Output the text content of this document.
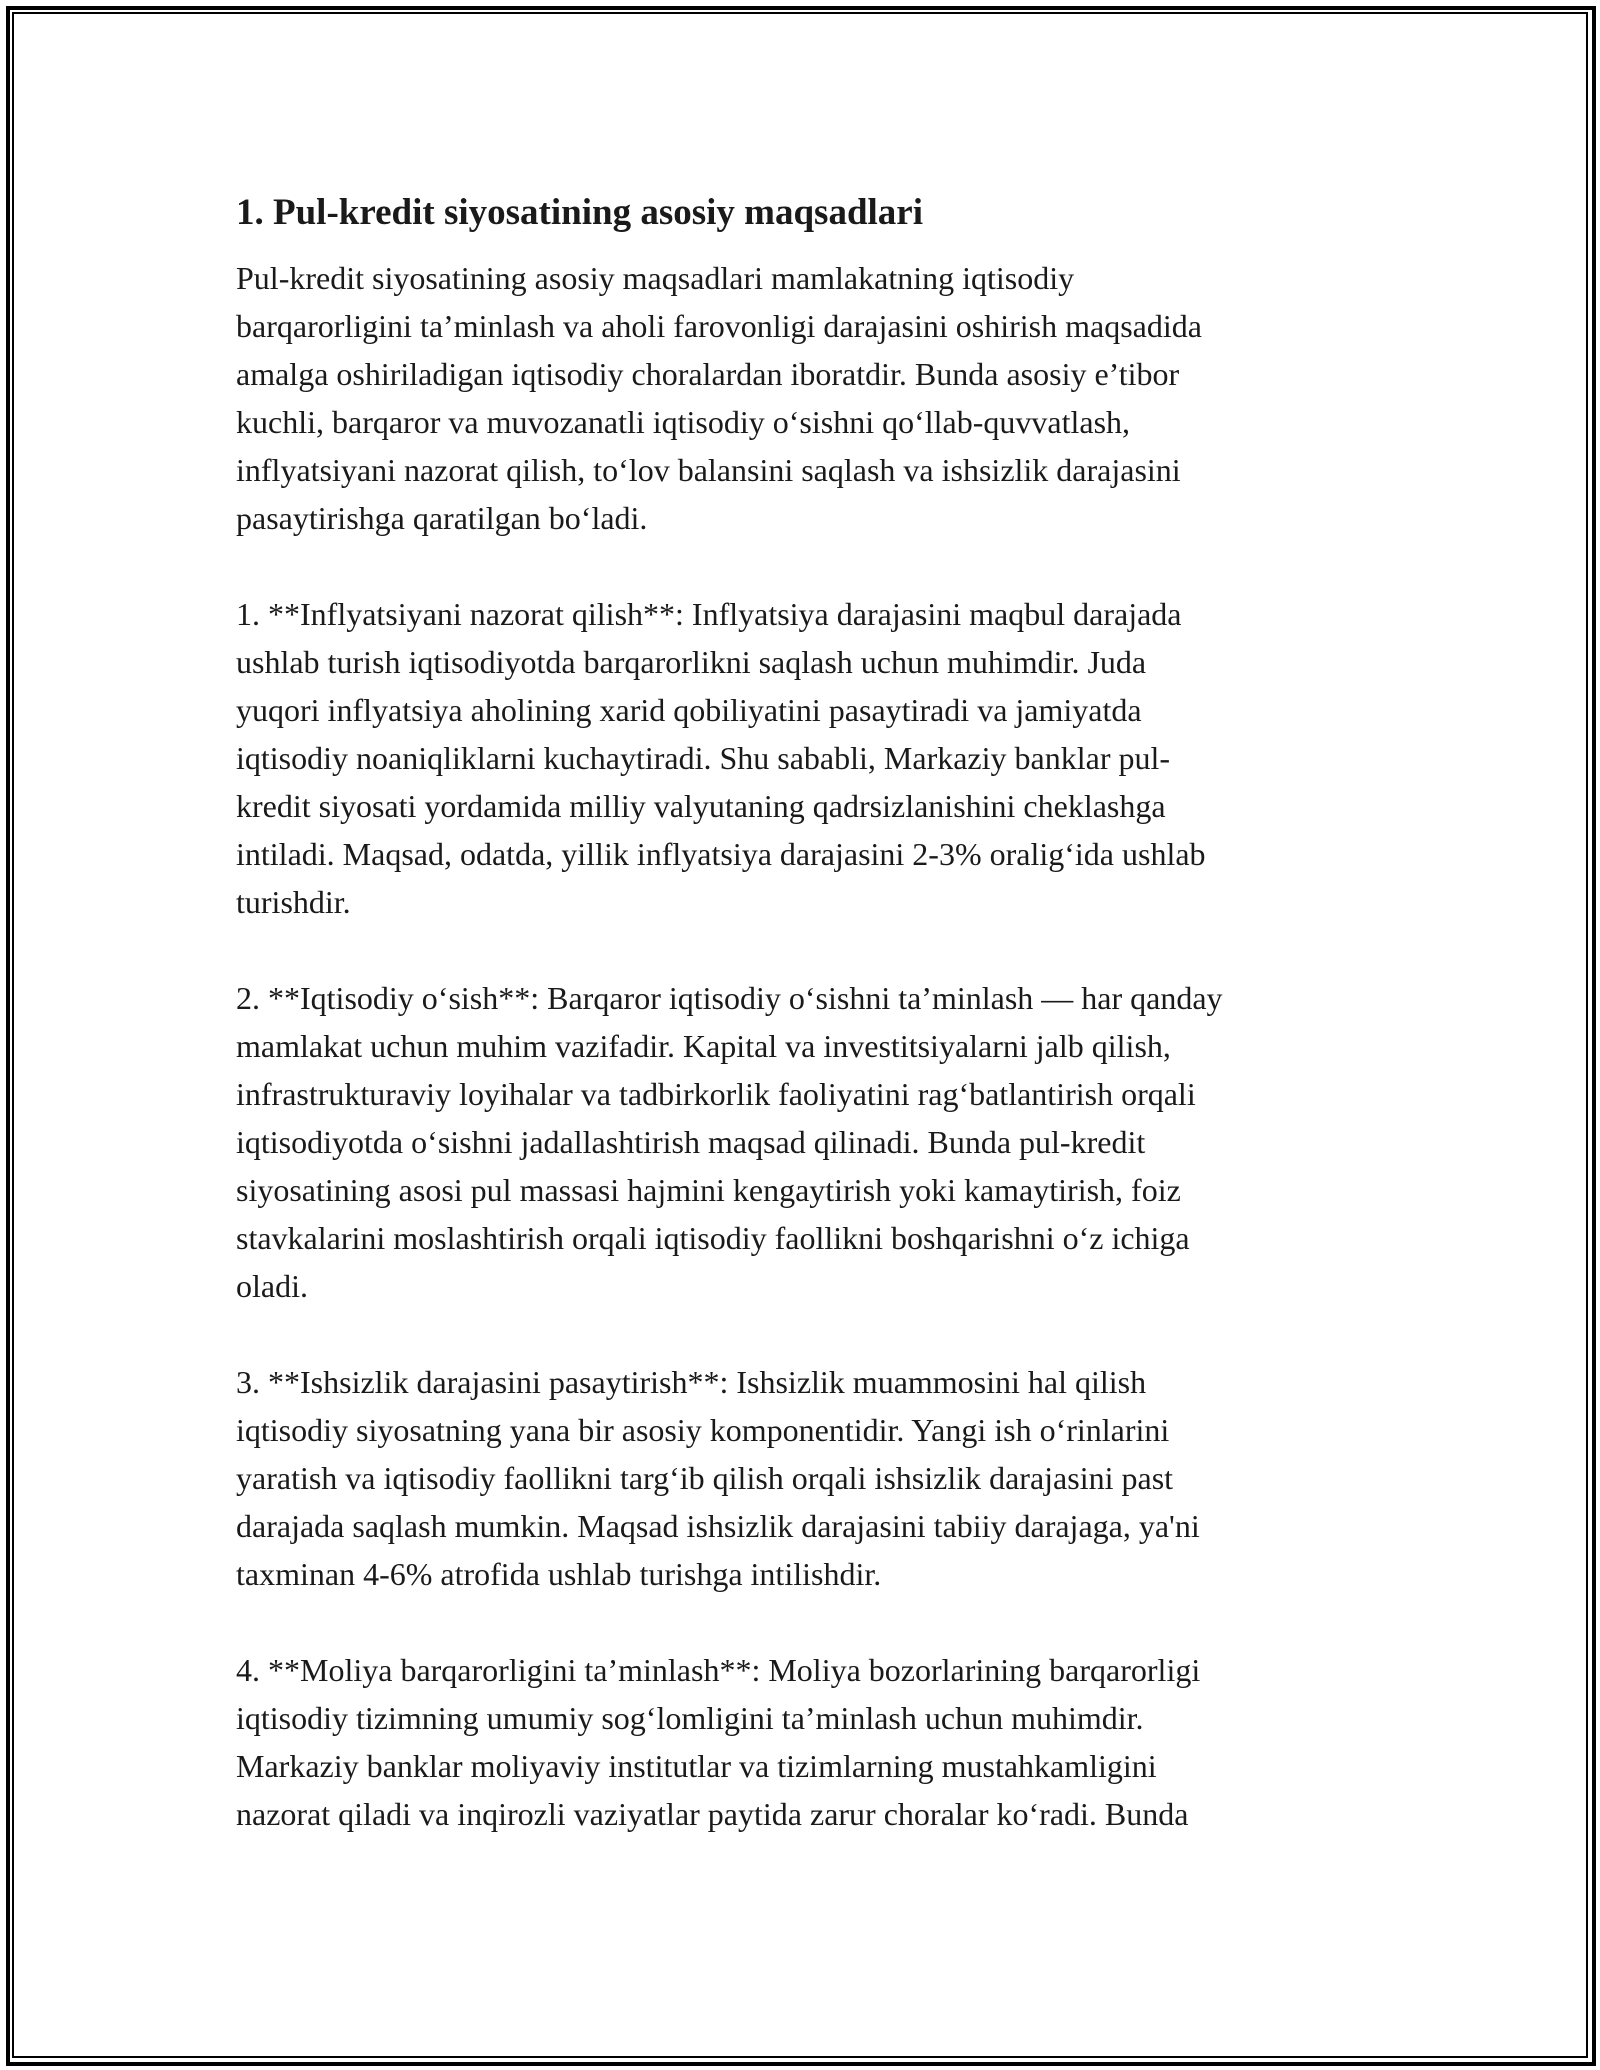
1. Pul-kredit siyosatining asosiy maqsadlari

Pul-kredit siyosatining asosiy maqsadlari mamlakatning iqtisodiy
barqarorligini ta’minlash va aholi farovonligi darajasini oshirish maqsadida
amalga oshiriladigan iqtisodiy choralardan iboratdir. Bunda asosiy e’tibor
kuchli, barqaror va muvozanatli iqtisodiy o‘sishni qo‘llab-quvvatlash,
inflyatsiyani nazorat qilish, to‘lov balansini saqlash va ishsizlik darajasini
pasaytirishga qaratilgan bo‘ladi.

1. **Inflyatsiyani nazorat qilish**: Inflyatsiya darajasini maqbul darajada
ushlab turish iqtisodiyotda barqarorlikni saqlash uchun muhimdir. Juda
yuqori inflyatsiya aholining xarid qobiliyatini pasaytiradi va jamiyatda
iqtisodiy noaniqliklarni kuchaytiradi. Shu sababli, Markaziy banklar pul-
kredit siyosati yordamida milliy valyutaning qadrsizlanishini cheklashga
intiladi. Maqsad, odatda, yillik inflyatsiya darajasini 2-3% oralig‘ida ushlab
turishdir.

2. **Iqtisodiy o‘sish**: Barqaror iqtisodiy o‘sishni ta’minlash — har qanday
mamlakat uchun muhim vazifadir. Kapital va investitsiyalarni jalb qilish,
infrastrukturaviy loyihalar va tadbirkorlik faoliyatini rag‘batlantirish orqali
iqtisodiyotda o‘sishni jadallashtirish maqsad qilinadi. Bunda pul-kredit
siyosatining asosi pul massasi hajmini kengaytirish yoki kamaytirish, foiz
stavkalarini moslashtirish orqali iqtisodiy faollikni boshqarishni o‘z ichiga
oladi.

3. **Ishsizlik darajasini pasaytirish**: Ishsizlik muammosini hal qilish
iqtisodiy siyosatning yana bir asosiy komponentidir. Yangi ish o‘rinlarini
yaratish va iqtisodiy faollikni targ‘ib qilish orqali ishsizlik darajasini past
darajada saqlash mumkin. Maqsad ishsizlik darajasini tabiiy darajaga, ya'ni
taxminan 4-6% atrofida ushlab turishga intilishdir.

4. **Moliya barqarorligini ta’minlash**: Moliya bozorlarining barqarorligi
iqtisodiy tizimning umumiy sog‘lomligini ta’minlash uchun muhimdir.
Markaziy banklar moliyaviy institutlar va tizimlarning mustahkamligini
nazorat qiladi va inqirozli vaziyatlar paytida zarur choralar ko‘radi. Bunda
